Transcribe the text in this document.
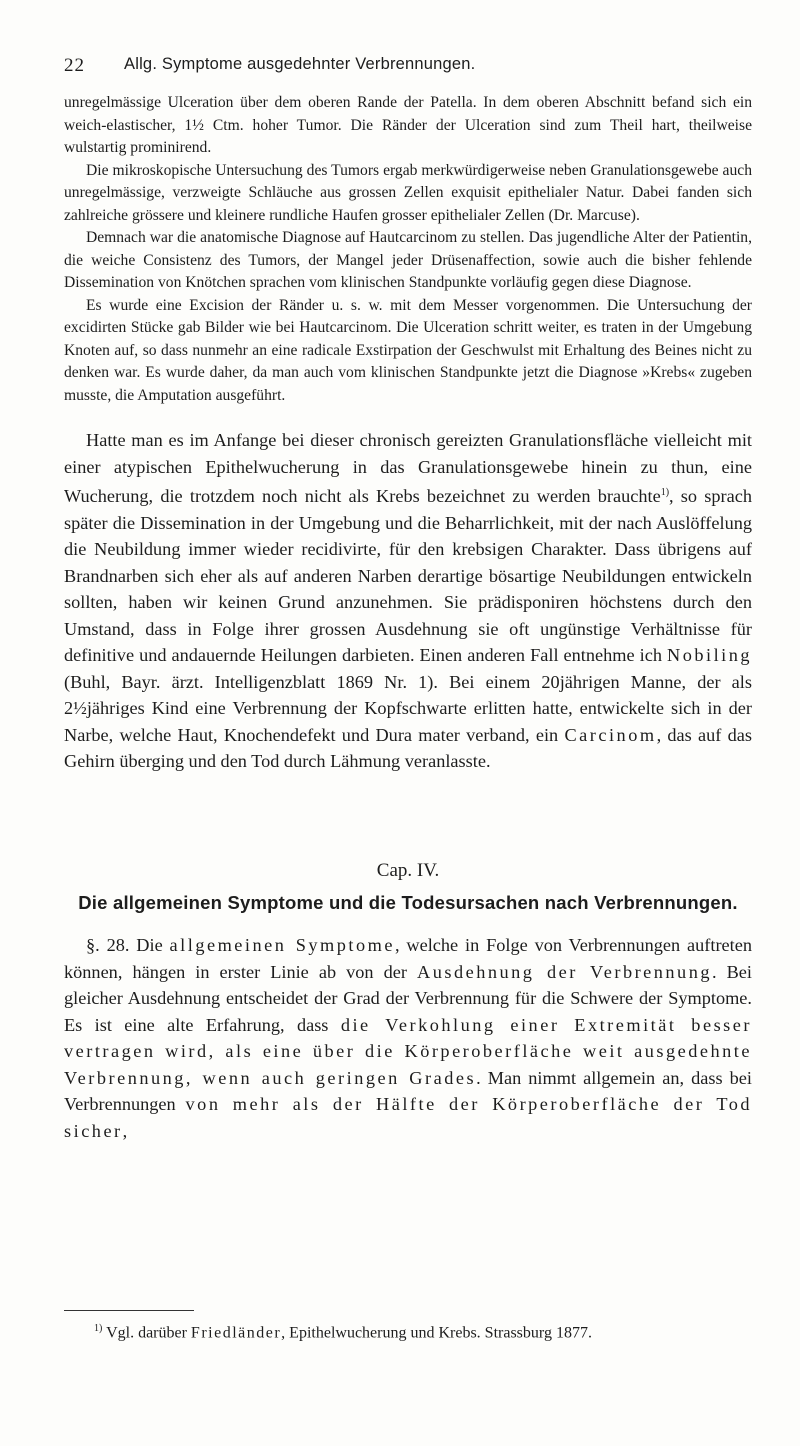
22 Allg. Symptome ausgedehnter Verbrennungen.

unregelmässige Ulceration über dem oberen Rande der Patella. In dem oberen Abschnitt befand sich ein weich-elastischer, 1½ Ctm. hoher Tumor. Die Ränder der Ulceration sind zum Theil hart, theilweise wulstartig prominirend.

Die mikroskopische Untersuchung des Tumors ergab merkwürdigerweise neben Granulationsgewebe auch unregelmässige, verzweigte Schläuche aus grossen Zellen exquisit epithelialer Natur. Dabei fanden sich zahlreiche grössere und kleinere rundliche Haufen grosser epithelialer Zellen (Dr. Marcuse).

Demnach war die anatomische Diagnose auf Hautcarcinom zu stellen. Das jugendliche Alter der Patientin, die weiche Consistenz des Tumors, der Mangel jeder Drüsenaffection, sowie auch die bisher fehlende Dissemination von Knötchen sprachen vom klinischen Standpunkte vorläufig gegen diese Diagnose.

Es wurde eine Excision der Ränder u. s. w. mit dem Messer vorgenommen. Die Untersuchung der excidirten Stücke gab Bilder wie bei Hautcarcinom. Die Ulceration schritt weiter, es traten in der Umgebung Knoten auf, so dass nunmehr an eine radicale Exstirpation der Geschwulst mit Erhaltung des Beines nicht zu denken war. Es wurde daher, da man auch vom klinischen Standpunkte jetzt die Diagnose »Krebs« zugeben musste, die Amputation ausgeführt.

Hatte man es im Anfange bei dieser chronisch gereizten Granulationsfläche vielleicht mit einer atypischen Epithelwucherung in das Granulationsgewebe hinein zu thun, eine Wucherung, die trotzdem noch nicht als Krebs bezeichnet zu werden brauchte$^{1)}$, so sprach später die Dissemination in der Umgebung und die Beharrlichkeit, mit der nach Auslöffelung die Neubildung immer wieder recidivirte, für den krebsigen Charakter. Dass übrigens auf Brandnarben sich eher als auf anderen Narben derartige bösartige Neubildungen entwickeln sollten, haben wir keinen Grund anzunehmen. Sie prädisponiren höchstens durch den Umstand, dass in Folge ihrer grossen Ausdehnung sie oft ungünstige Verhältnisse für definitive und andauernde Heilungen darbieten. Einen anderen Fall entnehme ich Nobiling (Buhl, Bayr. ärzt. Intelligenzblatt 1869 Nr. 1). Bei einem 20jährigen Manne, der als 2½jähriges Kind eine Verbrennung der Kopfschwarte erlitten hatte, entwickelte sich in der Narbe, welche Haut, Knochendefekt und Dura mater verband, ein Carcinom, das auf das Gehirn überging und den Tod durch Lähmung veranlasste.

Cap. IV.
Die allgemeinen Symptome und die Todesursachen nach Verbrennungen.

§. 28. Die allgemeinen Symptome, welche in Folge von Verbrennungen auftreten können, hängen in erster Linie ab von der Ausdehnung der Verbrennung. Bei gleicher Ausdehnung entscheidet der Grad der Verbrennung für die Schwere der Symptome. Es ist eine alte Erfahrung, dass die Verkohlung einer Extremität besser vertragen wird, als eine über die Körperoberfläche weit ausgedehnte Verbrennung, wenn auch geringen Grades. Man nimmt allgemein an, dass bei Verbrennungen von mehr als der Hälfte der Körperoberfläche der Tod sicher,

$^{1)}$ Vgl. darüber Friedländer, Epithelwucherung und Krebs. Strassburg 1877.
